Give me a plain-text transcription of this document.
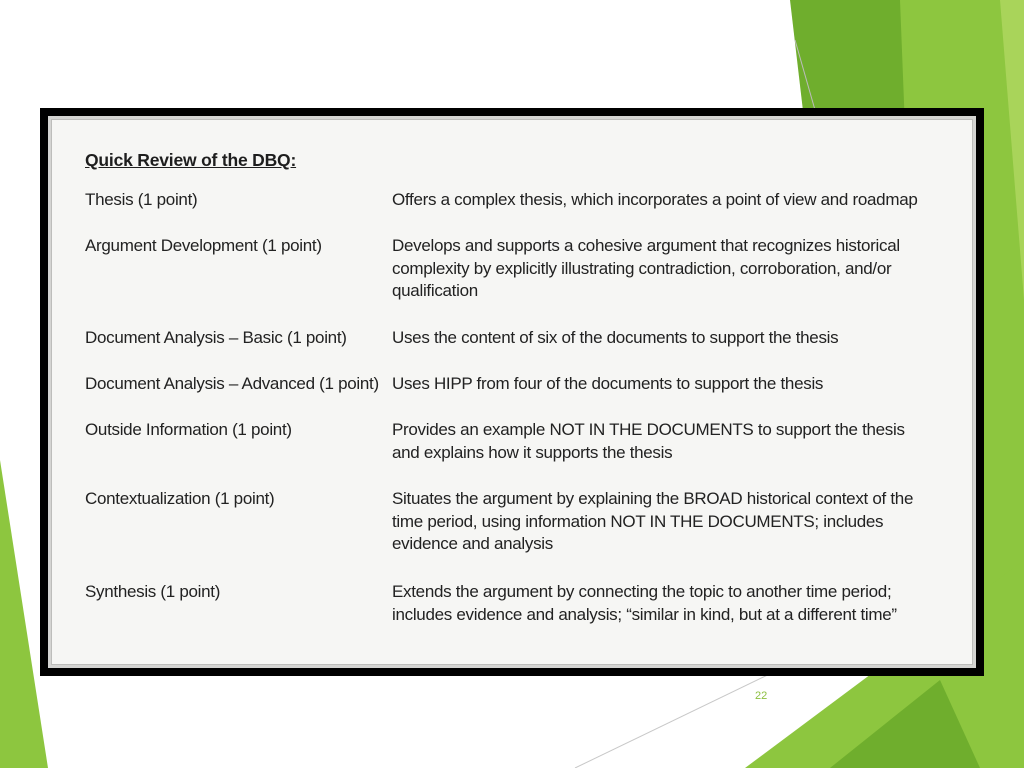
Quick Review of the DBQ:
Thesis (1 point)	Offers a complex thesis, which incorporates a point of view and roadmap
Argument Development (1 point)	Develops and supports a cohesive argument that recognizes historical complexity by explicitly illustrating contradiction, corroboration, and/or qualification
Document Analysis – Basic (1 point)	Uses the content of six of the documents to support the thesis
Document Analysis – Advanced (1 point) Uses HIPP from four of the documents to support the thesis
Outside Information (1 point)	Provides an example NOT IN THE DOCUMENTS to support the thesis and explains how it supports the thesis
Contextualization (1 point)	Situates the argument by explaining the BROAD historical context of the time period, using information NOT IN THE DOCUMENTS; includes evidence and analysis
Synthesis (1 point)	Extends the argument by connecting the topic to another time period; includes evidence and analysis; “similar in kind, but at a different time”
22
